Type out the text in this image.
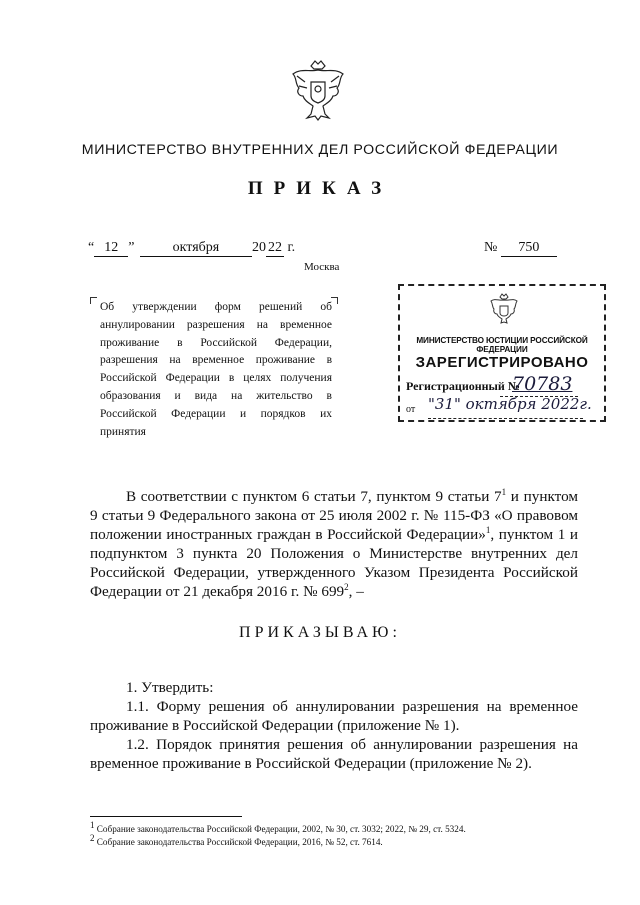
МИНИСТЕРСТВО ВНУТРЕННИХ ДЕЛ РОССИЙСКОЙ ФЕДЕРАЦИИ
ПРИКАЗ
“ 12 ”	октября 20 22 г.	№ 750
Москва
Об утверждении форм решений об аннулировании разрешения на временное проживание в Российской Федерации, разрешения на временное проживание в Российской Федерации в целях получения образования и вида на жительство в Российской Федерации и порядков их принятия
МИНИСТЕРСТВО ЮСТИЦИИ РОССИЙСКОЙ ФЕДЕРАЦИИ
ЗАРЕГИСТРИРОВАНО
Регистрационный №
70783
от "31" октября 2022г.

В соответствии с пунктом 6 статьи 7, пунктом 9 статьи $7^1$ и пунктом 9 статьи 9 Федерального закона от 25 июля 2002 г. № 115-ФЗ «О правовом положении иностранных граждан в Российской Федерации»$^1$, пунктом 1 и подпунктом 3 пункта 20 Положения о Министерстве внутренних дел Российской Федерации, утвержденного Указом Президента Российской Федерации от 21 декабря 2016 г. № $699^2$, –

ПРИКАЗЫВАЮ:

1. Утвердить:

1.1. Форму решения об аннулировании разрешения на временное проживание в Российской Федерации (приложение № 1).

1.2. Порядок принятия решения об аннулировании разрешения на временное проживание в Российской Федерации (приложение № 2).

$^1$ Собрание законодательства Российской Федерации, 2002, № 30, ст. 3032; 2022, № 29, ст. 5324.
$^2$ Собрание законодательства Российской Федерации, 2016, № 52, ст. 7614.
